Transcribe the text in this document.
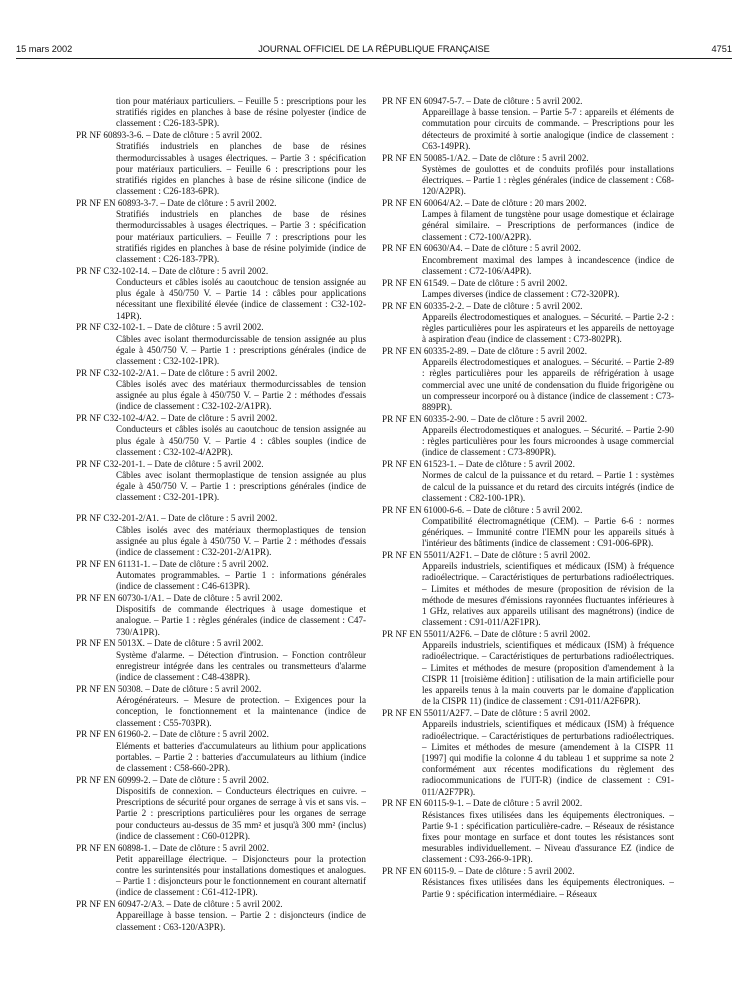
15 mars 2002	JOURNAL OFFICIEL DE LA RÉPUBLIQUE FRANÇAISE	4751
tion pour matériaux particuliers. – Feuille 5 : prescriptions pour les stratifiés rigides en planches à base de résine polyester (indice de classement : C26-183-5PR).
PR NF 60893-3-6. – Date de clôture : 5 avril 2002.
Stratifiés industriels en planches de base de résines thermodurcissables à usages électriques. – Partie 3 : spécification pour matériaux particuliers. – Feuille 6 : prescriptions pour les stratifiés rigides en planches à base de résine silicone (indice de classement : C26-183-6PR).
PR NF EN 60893-3-7. – Date de clôture : 5 avril 2002.
Stratifiés industriels en planches de base de résines thermodurcissables à usages électriques. – Partie 3 : spécification pour matériaux particuliers. – Feuille 7 : prescriptions pour les stratifiés rigides en planches à base de résine polyimide (indice de classement : C26-183-7PR).
PR NF C32-102-14. – Date de clôture : 5 avril 2002.
Conducteurs et câbles isolés au caoutchouc de tension assignée au plus égale à 450/750 V. – Partie 14 : câbles pour applications nécessitant une flexibilité élevée (indice de classement : C32-102-14PR).
PR NF C32-102-1. – Date de clôture : 5 avril 2002.
Câbles avec isolant thermodurcissable de tension assignée au plus égale à 450/750 V. – Partie 1 : prescriptions générales (indice de classement : C32-102-1PR).
PR NF C32-102-2/A1. – Date de clôture : 5 avril 2002.
Câbles isolés avec des matériaux thermodurcissables de tension assignée au plus égale à 450/750 V. – Partie 2 : méthodes d'essais (indice de classement : C32-102-2/A1PR).
PR NF C32-102-4/A2. – Date de clôture : 5 avril 2002.
Conducteurs et câbles isolés au caoutchouc de tension assignée au plus égale à 450/750 V. – Partie 4 : câbles souples (indice de classement : C32-102-4/A2PR).
PR NF C32-201-1. – Date de clôture : 5 avril 2002.
Câbles avec isolant thermoplastique de tension assignée au plus égale à 450/750 V. – Partie 1 : prescriptions générales (indice de classement : C32-201-1PR).
PR NF C32-201-2/A1. – Date de clôture : 5 avril 2002.
Câbles isolés avec des matériaux thermoplastiques de tension assignée au plus égale à 450/750 V. – Partie 2 : méthodes d'essais (indice de classement : C32-201-2/A1PR).
PR NF EN 61131-1. – Date de clôture : 5 avril 2002.
Automates programmables. – Partie 1 : informations générales (indice de classement : C46-613PR).
PR NF EN 60730-1/A1. – Date de clôture : 5 avril 2002.
Dispositifs de commande électriques à usage domestique et analogue. – Partie 1 : règles générales (indice de classement : C47-730/A1PR).
PR NF EN 5013X. – Date de clôture : 5 avril 2002.
Système d'alarme. – Détection d'intrusion. – Fonction contrôleur enregistreur intégrée dans les centrales ou transmetteurs d'alarme (indice de classement : C48-438PR).
PR NF EN 50308. – Date de clôture : 5 avril 2002.
Aérogénérateurs. – Mesure de protection. – Exigences pour la conception, le fonctionnement et la maintenance (indice de classement : C55-703PR).
PR NF EN 61960-2. – Date de clôture : 5 avril 2002.
Eléments et batteries d'accumulateurs au lithium pour applications portables. – Partie 2 : batteries d'accumulateurs au lithium (indice de classement : C58-660-2PR).
PR NF EN 60999-2. – Date de clôture : 5 avril 2002.
Dispositifs de connexion. – Conducteurs électriques en cuivre. – Prescriptions de sécurité pour organes de serrage à vis et sans vis. – Partie 2 : prescriptions particulières pour les organes de serrage pour conducteurs au-dessus de 35 mm² et jusqu'à 300 mm² (inclus) (indice de classement : C60-012PR).
PR NF EN 60898-1. – Date de clôture : 5 avril 2002.
Petit appareillage électrique. – Disjoncteurs pour la protection contre les surintensités pour installations domestiques et analogues. – Partie 1 : disjoncteurs pour le fonctionnement en courant alternatif (indice de classement : C61-412-1PR).
PR NF EN 60947-2/A3. – Date de clôture : 5 avril 2002.
Appareillage à basse tension. – Partie 2 : disjoncteurs (indice de classement : C63-120/A3PR).
PR NF EN 60947-5-7. – Date de clôture : 5 avril 2002.
Appareillage à basse tension. – Partie 5-7 : appareils et éléments de commutation pour circuits de commande. – Prescriptions pour les détecteurs de proximité à sortie analogique (indice de classement : C63-149PR).
PR NF EN 50085-1/A2. – Date de clôture : 5 avril 2002.
Systèmes de goulottes et de conduits profilés pour installations électriques. – Partie 1 : règles générales (indice de classement : C68-120/A2PR).
PR NF EN 60064/A2. – Date de clôture : 20 mars 2002.
Lampes à filament de tungstène pour usage domestique et éclairage général similaire. – Prescriptions de performances (indice de classement : C72-100/A2PR).
PR NF EN 60630/A4. – Date de clôture : 5 avril 2002.
Encombrement maximal des lampes à incandescence (indice de classement : C72-106/A4PR).
PR NF EN 61549. – Date de clôture : 5 avril 2002.
Lampes diverses (indice de classement : C72-320PR).
PR NF EN 60335-2-2. – Date de clôture : 5 avril 2002.
Appareils électrodomestiques et analogues. – Sécurité. – Partie 2-2 : règles particulières pour les aspirateurs et les appareils de nettoyage à aspiration d'eau (indice de classement : C73-802PR).
PR NF EN 60335-2-89. – Date de clôture : 5 avril 2002.
Appareils électrodomestiques et analogues. – Sécurité. – Partie 2-89 : règles particulières pour les appareils de réfrigération à usage commercial avec une unité de condensation du fluide frigorigène ou un compresseur incorporé ou à distance (indice de classement : C73-889PR).
PR NF EN 60335-2-90. – Date de clôture : 5 avril 2002.
Appareils électrodomestiques et analogues. – Sécurité. – Partie 2-90 : règles particulières pour les fours microondes à usage commercial (indice de classement : C73-890PR).
PR NF EN 61523-1. – Date de clôture : 5 avril 2002.
Normes de calcul de la puissance et du retard. – Partie 1 : systèmes de calcul de la puissance et du retard des circuits intégrés (indice de classement : C82-100-1PR).
PR NF EN 61000-6-6. – Date de clôture : 5 avril 2002.
Compatibilité électromagnétique (CEM). – Partie 6-6 : normes génériques. – Immunité contre l'IEMN pour les appareils situés à l'intérieur des bâtiments (indice de classement : C91-006-6PR).
PR NF EN 55011/A2F1. – Date de clôture : 5 avril 2002.
Appareils industriels, scientifiques et médicaux (ISM) à fréquence radioélectrique. – Caractéristiques de perturbations radioélectriques. – Limites et méthodes de mesure (proposition de révision de la méthode de mesures d'émissions rayonnées fluctuantes inférieures à 1 GHz, relatives aux appareils utilisant des magnétrons) (indice de classement : C91-011/A2F1PR).
PR NF EN 55011/A2F6. – Date de clôture : 5 avril 2002.
Appareils industriels, scientifiques et médicaux (ISM) à fréquence radioélectrique. – Caractéristiques de perturbations radioélectriques. – Limites et méthodes de mesure (proposition d'amendement à la CISPR 11 [troisième édition] : utilisation de la main artificielle pour les appareils tenus à la main couverts par le domaine d'application de la CISPR 11) (indice de classement : C91-011/A2F6PR).
PR NF EN 55011/A2F7. – Date de clôture : 5 avril 2002.
Appareils industriels, scientifiques et médicaux (ISM) à fréquence radioélectrique. – Caractéristiques de perturbations radioélectriques. – Limites et méthodes de mesure (amendement à la CISPR 11 [1997] qui modifie la colonne 4 du tableau 1 et supprime sa note 2 conformément aux récentes modifications du règlement des radiocommunications de l'UIT-R) (indice de classement : C91-011/A2F7PR).
PR NF EN 60115-9-1. – Date de clôture : 5 avril 2002.
Résistances fixes utilisées dans les équipements électroniques. – Partie 9-1 : spécification particulière-cadre. – Réseaux de résistance fixes pour montage en surface et dont toutes les résistances sont mesurables individuellement. – Niveau d'assurance EZ (indice de classement : C93-266-9-1PR).
PR NF EN 60115-9. – Date de clôture : 5 avril 2002.
Résistances fixes utilisées dans les équipements électroniques. – Partie 9 : spécification intermédiaire. – Réseaux
